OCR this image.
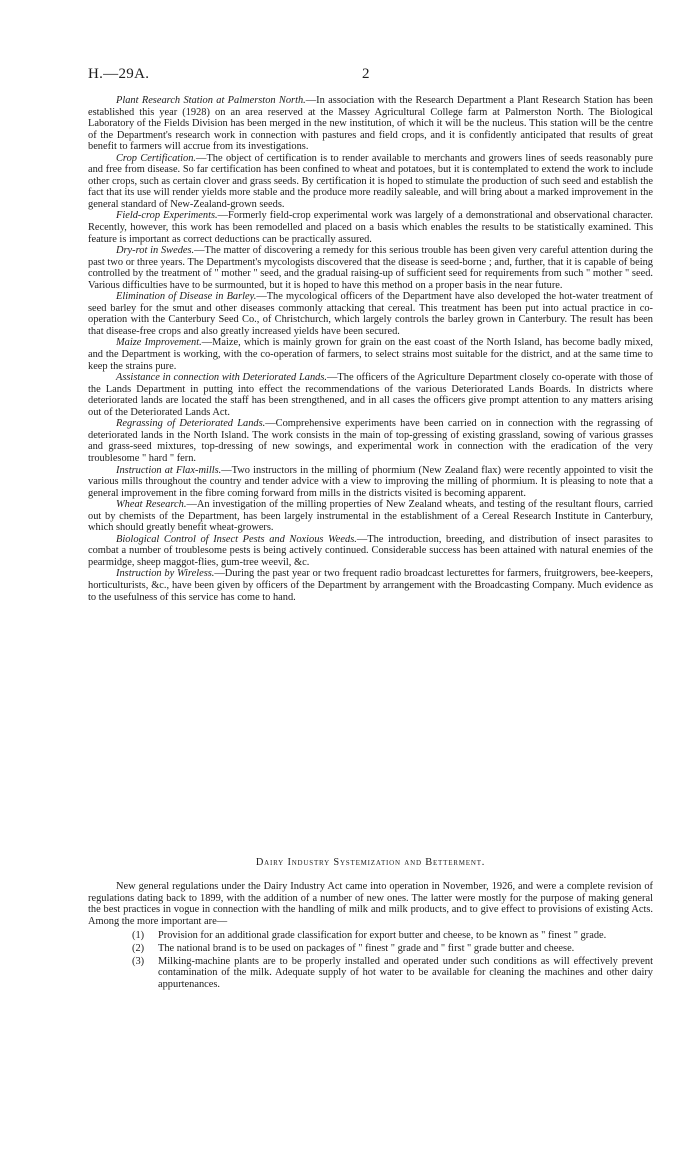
H.—29A.	2

Plant Research Station at Palmerston North.—In association with the Research Department a Plant Research Station has been established this year (1928) on an area reserved at the Massey Agricultural College farm at Palmerston North. The Biological Laboratory of the Fields Division has been merged in the new institution, of which it will be the nucleus. This station will be the centre of the Department's research work in connection with pastures and field crops, and it is confidently anticipated that results of great benefit to farmers will accrue from its investigations.

Crop Certification.—The object of certification is to render available to merchants and growers lines of seeds reasonably pure and free from disease. So far certification has been confined to wheat and potatoes, but it is contemplated to extend the work to include other crops, such as certain clover and grass seeds. By certification it is hoped to stimulate the production of such seed and establish the fact that its use will render yields more stable and the produce more readily saleable, and will bring about a marked improvement in the general standard of New-Zealand-grown seeds.

Field-crop Experiments.—Formerly field-crop experimental work was largely of a demonstrational and observational character. Recently, however, this work has been remodelled and placed on a basis which enables the results to be statistically examined. This feature is important as correct deductions can be practically assured.

Dry-rot in Swedes.—The matter of discovering a remedy for this serious trouble has been given very careful attention during the past two or three years. The Department's mycologists discovered that the disease is seed-borne ; and, further, that it is capable of being controlled by the treatment of " mother " seed, and the gradual raising-up of sufficient seed for requirements from such " mother " seed. Various difficulties have to be surmounted, but it is hoped to have this method on a proper basis in the near future.

Elimination of Disease in Barley.—The mycological officers of the Department have also developed the hot-water treatment of seed barley for the smut and other diseases commonly attacking that cereal. This treatment has been put into actual practice in co-operation with the Canterbury Seed Co., of Christchurch, which largely controls the barley grown in Canterbury. The result has been that disease-free crops and also greatly increased yields have been secured.

Maize Improvement.—Maize, which is mainly grown for grain on the east coast of the North Island, has become badly mixed, and the Department is working, with the co-operation of farmers, to select strains most suitable for the district, and at the same time to keep the strains pure.

Assistance in connection with Deteriorated Lands.—The officers of the Agriculture Department closely co-operate with those of the Lands Department in putting into effect the recommendations of the various Deteriorated Lands Boards. In districts where deteriorated lands are located the staff has been strengthened, and in all cases the officers give prompt attention to any matters arising out of the Deteriorated Lands Act.

Regrassing of Deteriorated Lands.—Comprehensive experiments have been carried on in connection with the regrassing of deteriorated lands in the North Island. The work consists in the main of top-gressing of existing grassland, sowing of various grasses and grass-seed mixtures, top-dressing of new sowings, and experimental work in connection with the eradication of the very troublesome " hard " fern.

Instruction at Flax-mills.—Two instructors in the milling of phormium (New Zealand flax) were recently appointed to visit the various mills throughout the country and tender advice with a view to improving the milling of phormium. It is pleasing to note that a general improvement in the fibre coming forward from mills in the districts visited is becoming apparent.

Wheat Research.—An investigation of the milling properties of New Zealand wheats, and testing of the resultant flours, carried out by chemists of the Department, has been largely instrumental in the establishment of a Cereal Research Institute in Canterbury, which should greatly benefit wheat-growers.

Biological Control of Insect Pests and Noxious Weeds.—The introduction, breeding, and distribution of insect parasites to combat a number of troublesome pests is being actively continued. Considerable success has been attained with natural enemies of the pearmidge, sheep maggot-flies, gum-tree weevil, &c.

Instruction by Wireless.—During the past year or two frequent radio broadcast lecturettes for farmers, fruitgrowers, bee-keepers, horticulturists, &c., have been given by officers of the Department by arrangement with the Broadcasting Company. Much evidence as to the usefulness of this service has come to hand.

Dairy Industry Systemization and Betterment.

New general regulations under the Dairy Industry Act came into operation in November, 1926, and were a complete revision of regulations dating back to 1899, with the addition of a number of new ones. The latter were mostly for the purpose of making general the best practices in vogue in connection with the handling of milk and milk products, and to give effect to provisions of existing Acts. Among the more important are—

(1) Provision for an additional grade classification for export butter and cheese, to be known as " finest " grade.
(2) The national brand is to be used on packages of " finest " grade and " first " grade butter and cheese.
(3) Milking-machine plants are to be properly installed and operated under such conditions as will effectively prevent contamination of the milk. Adequate supply of hot water to be available for cleaning the machines and other dairy appurtenances.
